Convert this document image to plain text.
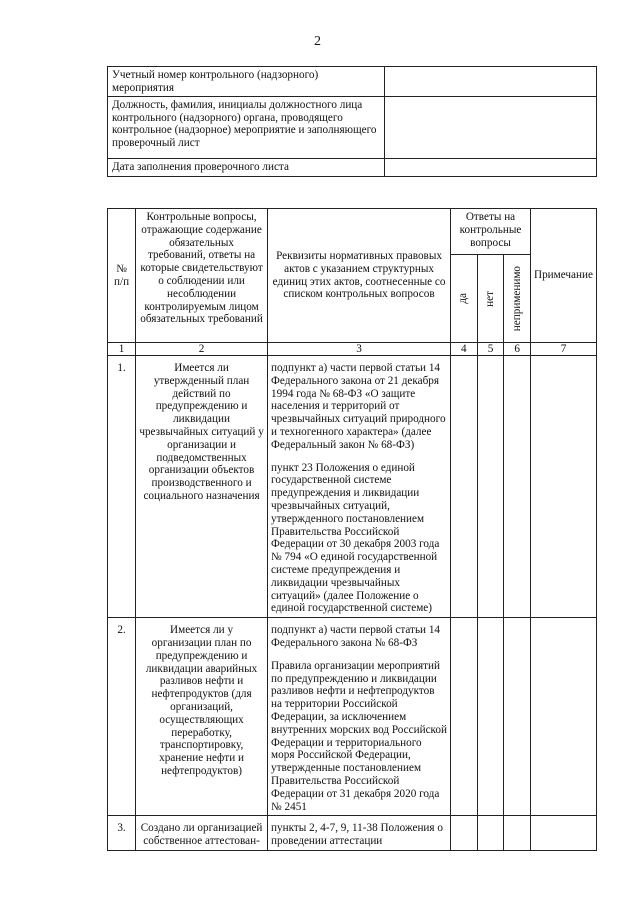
2
Учетный номер контрольного (надзорного) мероприятия	
Должность, фамилия, инициалы должностного лица контрольного (надзорного) органа, проводящего контрольное (надзорное) мероприятие и заполняющего проверочный лист	
Дата заполнения проверочного листа	
№ п/п	Контрольные вопросы, отражающие содержание обязательных требований, ответы на которые свидетельствуют о соблюдении или несоблюдении контролируемым лицом обязательных требований	Реквизиты нормативных правовых актов с указанием структурных единиц этих актов, соотнесенные со списком контрольных вопросов	Ответы на контрольные вопросы			Примечание

			да	нет	неприменимо	

1	2	3	4	5	6	7
1.	Имеется ли утвержденный план действий по предупреждению и ликвидации чрезвычайных ситуаций у организации и подведомственных организации объектов производственного и социального назначения	подпункт а) части первой статьи 14 Федерального закона от 21 декабря 1994 года № 68-ФЗ «О защите населения и территорий от чрезвычайных ситуаций природного и техногенного характера» (далее Федеральный закон № 68-ФЗ)
пункт 23 Положения о единой государственной системе предупреждения и ликвидации чрезвычайных ситуаций, утвержденного постановлением Правительства Российской Федерации от 30 декабря 2003 года № 794 «О единой государственной системе предупреждения и ликвидации чрезвычайных ситуаций» (далее Положение о единой государственной системе)				

2.	Имеется ли у организации план по предупреждению и ликвидации аварийных разливов нефти и нефтепродуктов (для организаций, осуществляющих переработку, транспортировку, хранение нефти и нефтепродуктов)	подпункт а) части первой статьи 14 Федерального закона № 68-ФЗ
Правила организации мероприятий по предупреждению и ликвидации разливов нефти и нефтепродуктов на территории Российской Федерации, за исключением внутренних морских вод Российской Федерации и территориального моря Российской Федерации, утвержденные постановлением Правительства Российской Федерации от 31 декабря 2020 года № 2451				

3.	Создано ли организацией собственное аттестован-	пункты 2, 4-7, 9, 11-38 Положения о проведении аттестации				
